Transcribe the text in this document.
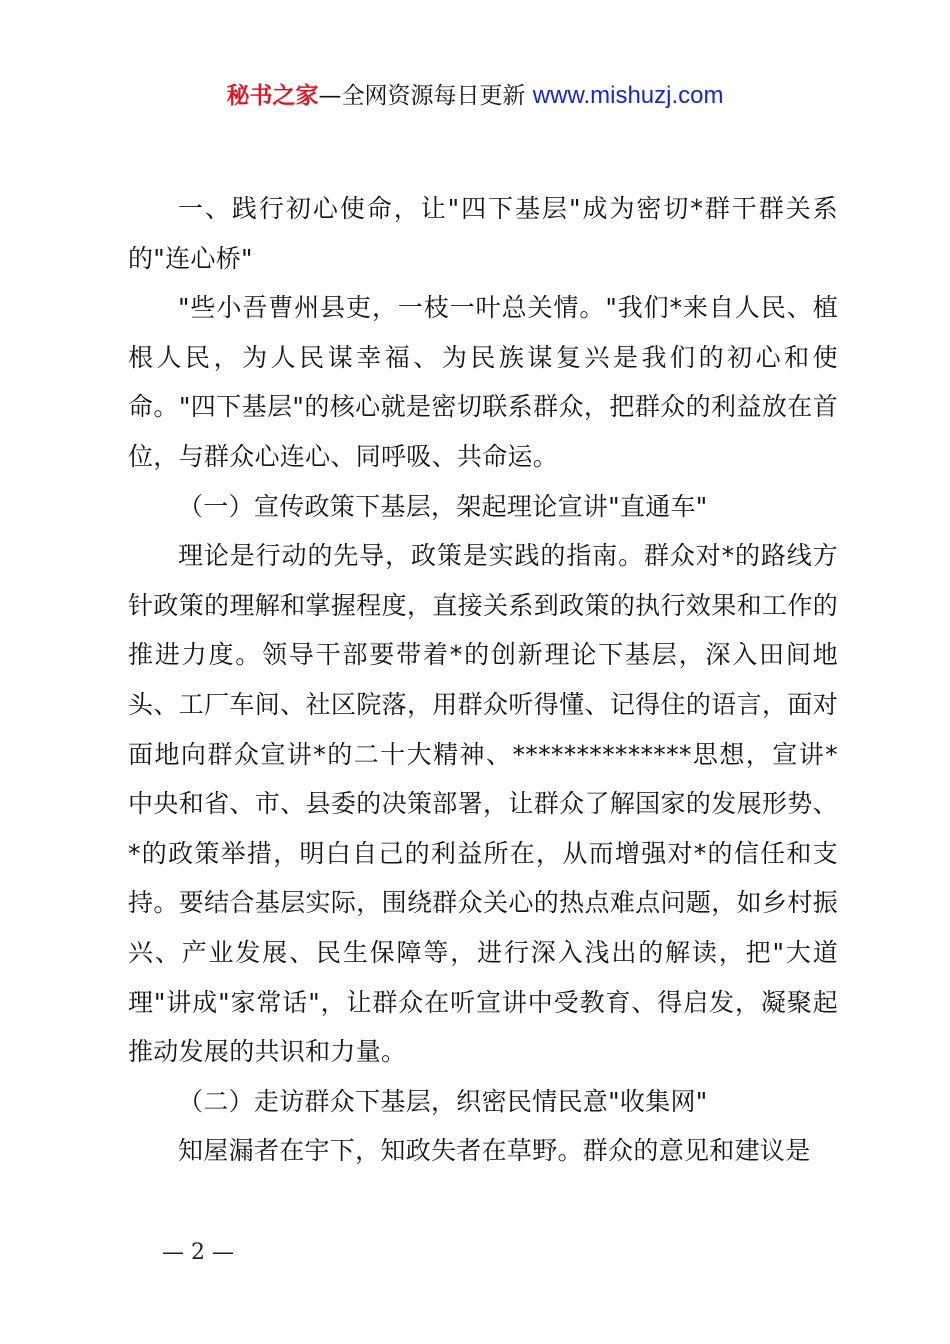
秘书之家—全网资源每日更新 www.mishuzj.com

一、践行初心使命，让"四下基层"成为密切*群干群关系的"连心桥"

"些小吾曹州县吏，一枝一叶总关情。"我们*来自人民、植根人民，为人民谋幸福、为民族谋复兴是我们的初心和使命。"四下基层"的核心就是密切联系群众，把群众的利益放在首位，与群众心连心、同呼吸、共命运。

（一）宣传政策下基层，架起理论宣讲"直通车"

理论是行动的先导，政策是实践的指南。群众对*的路线方针政策的理解和掌握程度，直接关系到政策的执行效果和工作的推进力度。领导干部要带着*的创新理论下基层，深入田间地头、工厂车间、社区院落，用群众听得懂、记得住的语言，面对面地向群众宣讲*的二十大精神、**************思想，宣讲*中央和省、市、县委的决策部署，让群众了解国家的发展形势、*的政策举措，明白自己的利益所在，从而增强对*的信任和支持。要结合基层实际，围绕群众关心的热点难点问题，如乡村振兴、产业发展、民生保障等，进行深入浅出的解读，把"大道理"讲成"家常话"，让群众在听宣讲中受教育、得启发，凝聚起推动发展的共识和力量。

（二）走访群众下基层，织密民情民意"收集网"

知屋漏者在宇下，知政失者在草野。群众的意见和建议是

— 2 —
